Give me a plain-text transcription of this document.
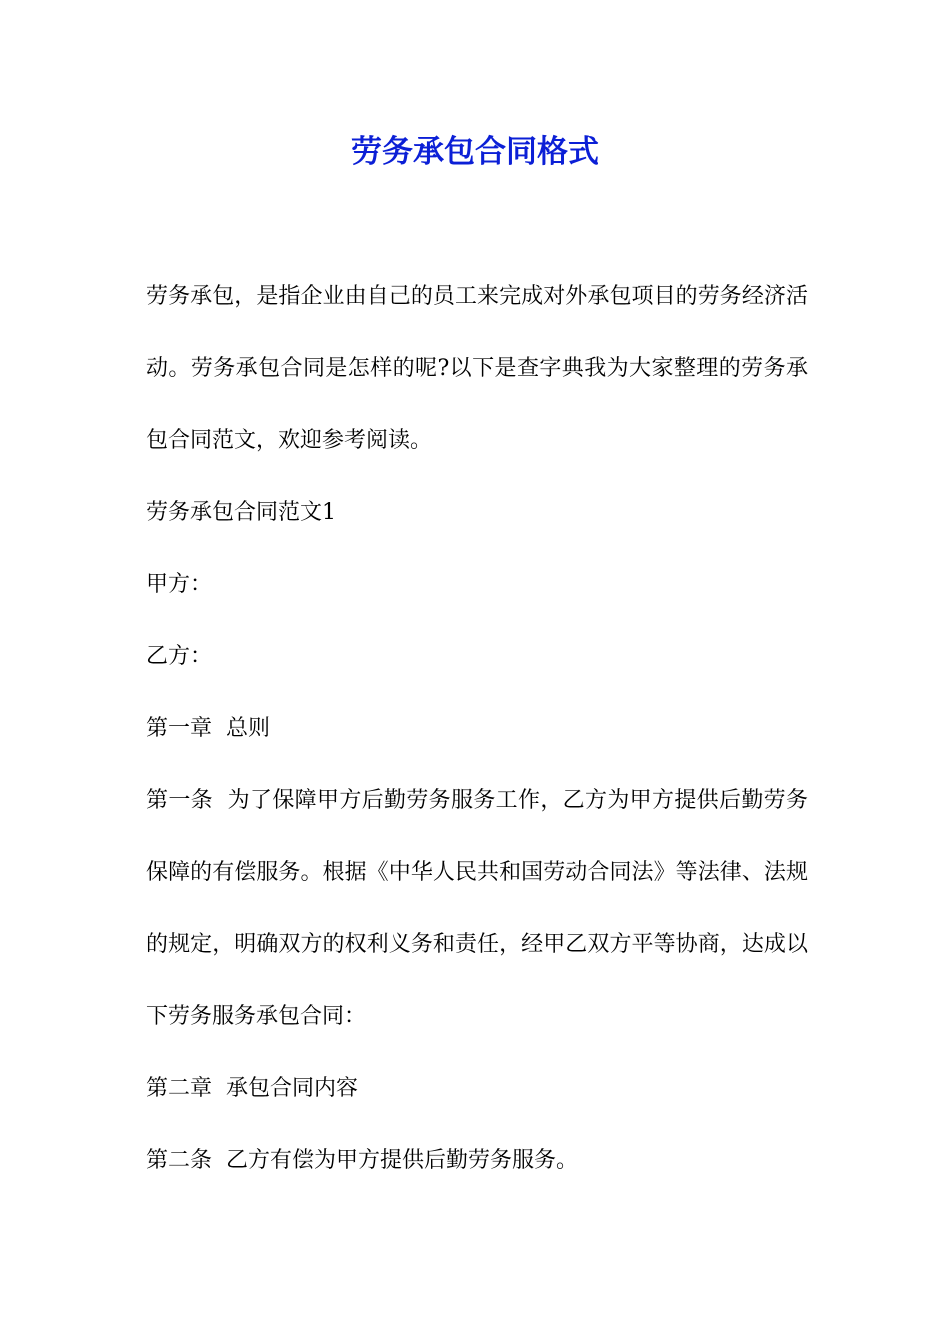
劳务承包合同格式

劳务承包，是指企业由自己的员工来完成对外承包项目的劳务经济活动。劳务承包合同是怎样的呢?以下是查字典我为大家整理的劳务承包合同范文，欢迎参考阅读。

劳务承包合同范文1

甲方：

乙方：

第一章  总则

第一条  为了保障甲方后勤劳务服务工作，乙方为甲方提供后勤劳务保障的有偿服务。根据《中华人民共和国劳动合同法》等法律、法规的规定，明确双方的权利义务和责任，经甲乙双方平等协商，达成以下劳务服务承包合同：

第二章  承包合同内容

第二条  乙方有偿为甲方提供后勤劳务服务。
